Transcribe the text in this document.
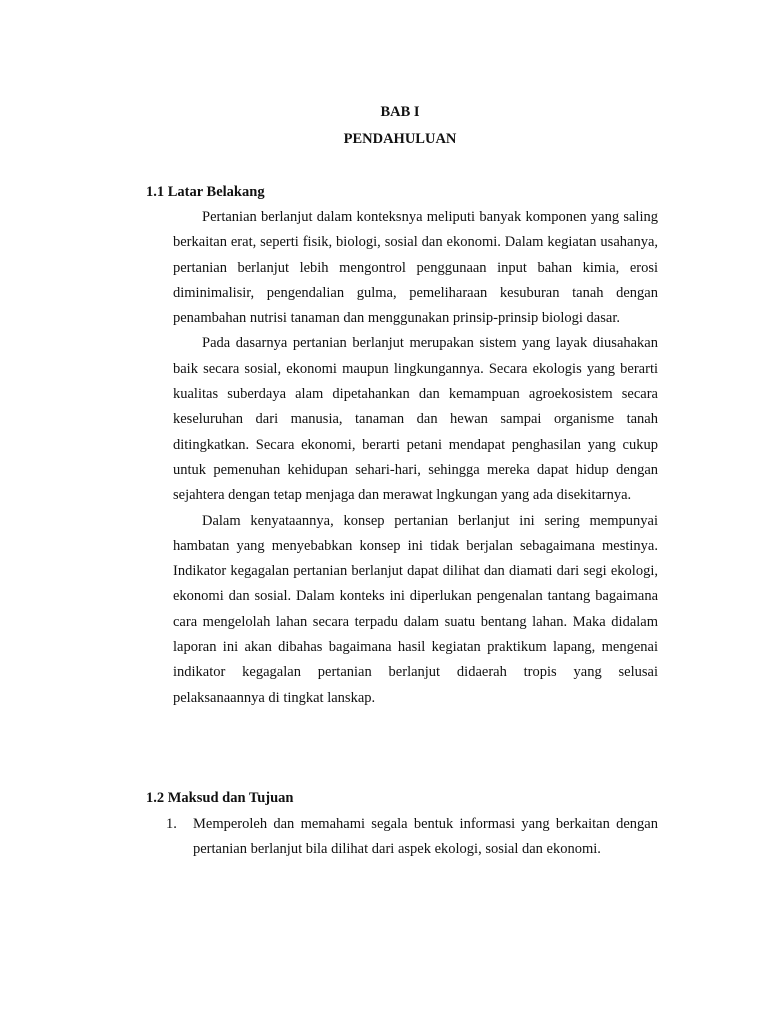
BAB I
PENDAHULUAN
1.1 Latar Belakang

Pertanian berlanjut dalam konteksnya meliputi banyak komponen yang saling berkaitan erat, seperti fisik, biologi, sosial dan ekonomi. Dalam kegiatan usahanya, pertanian berlanjut lebih mengontrol penggunaan input bahan kimia, erosi diminimalisir, pengendalian gulma, pemeliharaan kesuburan tanah dengan penambahan nutrisi tanaman dan menggunakan prinsip-prinsip biologi dasar.

Pada dasarnya pertanian berlanjut merupakan sistem yang layak diusahakan baik secara sosial, ekonomi maupun lingkungannya. Secara ekologis yang berarti kualitas suberdaya alam dipetahankan dan kemampuan agroekosistem secara keseluruhan dari manusia, tanaman dan hewan sampai organisme tanah ditingkatkan. Secara ekonomi, berarti petani mendapat penghasilan yang cukup untuk pemenuhan kehidupan sehari-hari, sehingga mereka dapat hidup dengan sejahtera dengan tetap menjaga dan merawat lngkungan yang ada disekitarnya.

Dalam kenyataannya, konsep pertanian berlanjut ini sering mempunyai hambatan yang menyebabkan konsep ini tidak berjalan sebagaimana mestinya. Indikator kegagalan pertanian berlanjut dapat dilihat dan diamati dari segi ekologi, ekonomi dan sosial. Dalam konteks ini diperlukan pengenalan tantang bagaimana cara mengelolah lahan secara terpadu dalam suatu bentang lahan. Maka didalam laporan ini akan dibahas bagaimana hasil kegiatan praktikum lapang, mengenai indikator kegagalan pertanian berlanjut didaerah tropis yang selusai pelaksanaannya di tingkat lanskap.

1.2 Maksud dan Tujuan
1. Memperoleh dan memahami segala bentuk informasi yang berkaitan dengan pertanian berlanjut bila dilihat dari aspek ekologi, sosial dan ekonomi.
